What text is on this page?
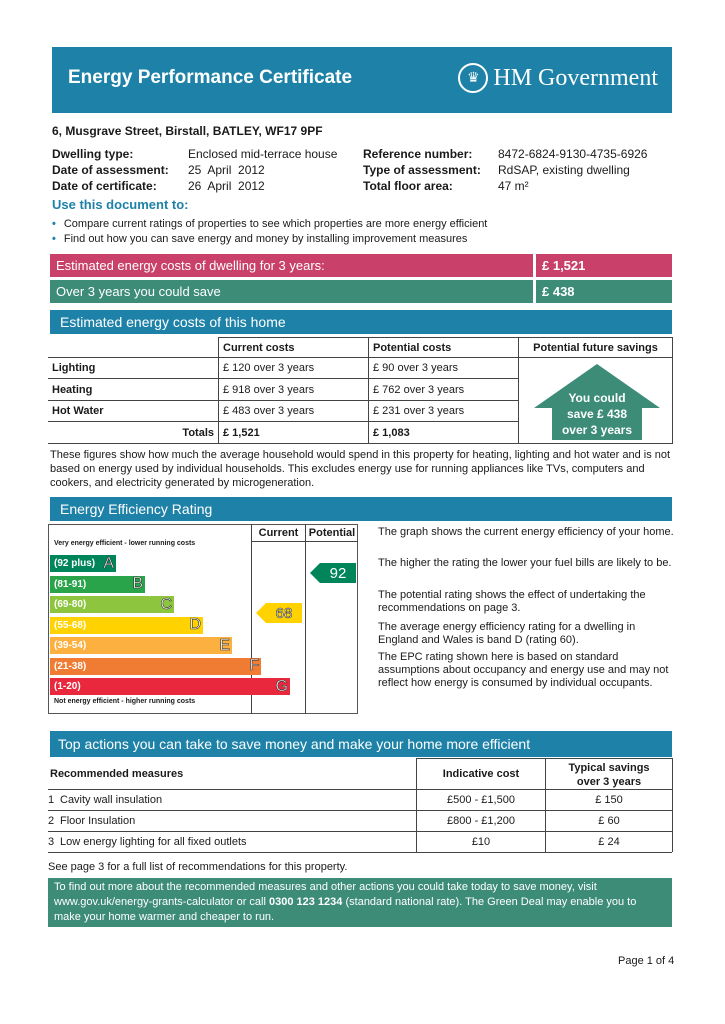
Energy Performance Certificate	♛ HM Government
6, Musgrave Street, Birstall, BATLEY, WF17 9PF
Dwelling type:	Enclosed mid-terrace house
Date of assessment: 25  April  2012
Date of certificate:	26  April  2012
Reference number: 8472-6824-9130-4735-6926
Type of assessment: RdSAP, existing dwelling
Total floor area:	47 m²
Use this document to:
• Compare current ratings of properties to see which properties are more energy efficient
• Find out how you can save energy and money by installing improvement measures
Estimated energy costs of dwelling for 3 years:	£ 1,521
Over 3 years you could save	£ 438
Estimated energy costs of this home
Current costs	Potential costs	Potential future savings
Lighting	£ 120 over 3 years	£ 90 over 3 years
Heating	£ 918 over 3 years	£ 762 over 3 years
Hot Water	£ 483 over 3 years	£ 231 over 3 years
Totals £ 1,521	£ 1,083
You could
save £ 438
over 3 years
These figures show how much the average household would spend in this property for heating, lighting and hot water and is not based on energy used by individual households. This excludes energy use for running appliances like TVs, computers and cookers, and electricity generated by microgeneration.
Energy Efficiency Rating
Current Potential
Very energy efficient - lower running costs
Not energy efficient - higher running costs
(92 plus) A
(81-91)	B
(69-80)	C
(55-68)	D
(39-54)	E
(21-38)	F
(1-20)	G
68
92
The graph shows the current energy efficiency of your home.
The higher the rating the lower your fuel bills are likely to be.
The potential rating shows the effect of undertaking the recommendations on page 3.
The average energy efficiency rating for a dwelling in England and Wales is band D (rating 60).
The EPC rating shown here is based on standard assumptions about occupancy and energy use and may not reflect how energy is consumed by individual occupants.
Top actions you can take to save money and make your home more efficient
Recommended measures	Indicative cost	Typical savings
over 3 years
1 Cavity wall insulation	£500 - £1,500	£ 150
2 Floor Insulation	£800 - £1,200	£ 60
3 Low energy lighting for all fixed outlets	£10	£ 24
See page 3 for a full list of recommendations for this property.
To find out more about the recommended measures and other actions you could take today to save money, visit www.gov.uk/energy-grants-calculator or call 0300 123 1234 (standard national rate). The Green Deal may enable you to make your home warmer and cheaper to run.
Page 1 of 4
